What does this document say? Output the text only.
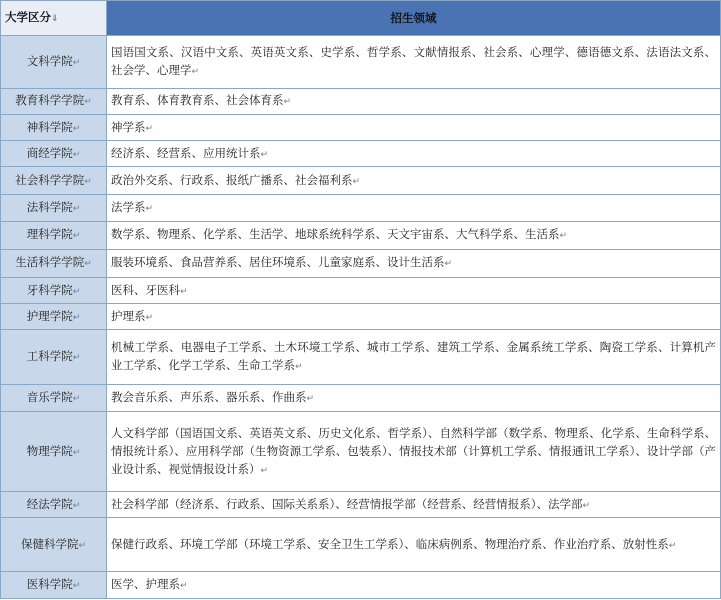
大学区分⇓	招生领域
文科学院↵	国语国文系、汉语中文系、英语英文系、史学系、哲学系、文献情报系、社会系、心理学、德语德文系、法语法文系、社会学、心理学↵
教育科学学院↵	教育系、体育教育系、社会体育系↵
神科学院↵	神学系↵
商经学院↵	经济系、经营系、应用统计系↵
社会科学学院↵	政治外交系、行政系、报纸广播系、社会福利系↵
法科学院↵	法学系↵
理科学院↵	数学系、物理系、化学系、生活学、地球系统科学系、天文宇宙系、大气科学系、生活系↵
生活科学学院↵	服装环境系、食品营养系、居住环境系、儿童家庭系、设计生活系↵
牙科学院↵	医科、牙医科↵
护理学院↵	护理系↵
工科学院↵	机械工学系、电器电子工学系、土木环境工学系、城市工学系、建筑工学系、金属系统工学系、陶瓷工学系、计算机产业工学系、化学工学系、生命工学系↵
音乐学院↵	教会音乐系、声乐系、器乐系、作曲系↵
物理学院↵	人文科学部（国语国文系、英语英文系、历史文化系、哲学系）、自然科学部（数学系、物理系、化学系、生命科学系、情报统计系）、应用科学部（生物资源工学系、包装系）、情报技术部（计算机工学系、情报通讯工学系）、设计学部（产业设计系、视觉情报设计系）↵
经法学院↵	社会科学部（经济系、行政系、国际关系系）、经营情报学部（经营系、经营情报系）、法学部↵
保健科学院↵	保健行政系、环境工学部（环境工学系、安全卫生工学系）、临床病例系、物理治疗系、作业治疗系、放射性系↵
医科学院↵	医学、护理系↵
